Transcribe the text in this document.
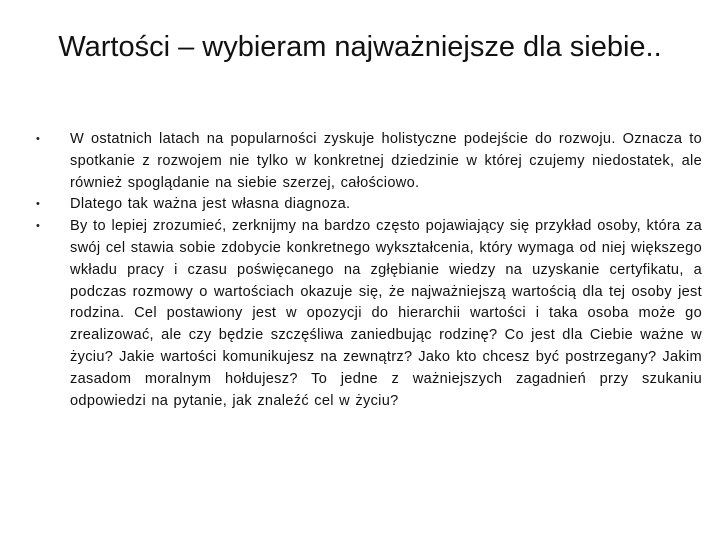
Wartości – wybieram najważniejsze dla siebie..
•	W ostatnich latach na popularności zyskuje holistyczne podejście do rozwoju. Oznacza to spotkanie z rozwojem nie tylko w konkretnej dziedzinie w której czujemy niedostatek, ale również spoglądanie na siebie szerzej, całościowo.
•	Dlatego tak ważna jest własna diagnoza.
•	By to lepiej zrozumieć, zerknijmy na bardzo często pojawiający się przykład osoby, która za swój cel stawia sobie zdobycie konkretnego wykształcenia, który wymaga od niej większego wkładu pracy i czasu poświęcanego na zgłębianie wiedzy na uzyskanie certyfikatu, a podczas rozmowy o wartościach okazuje się, że najważniejszą wartością dla tej osoby jest rodzina. Cel postawiony jest w opozycji do hierarchii wartości i taka osoba może go zrealizować, ale czy będzie szczęśliwa zaniedbując rodzinę? Co jest dla Ciebie ważne w życiu? Jakie wartości komunikujesz na zewnątrz? Jako kto chcesz być postrzegany? Jakim zasadom moralnym hołdujesz? To jedne z ważniejszych zagadnień przy szukaniu odpowiedzi na pytanie, jak znaleźć cel w życiu?
